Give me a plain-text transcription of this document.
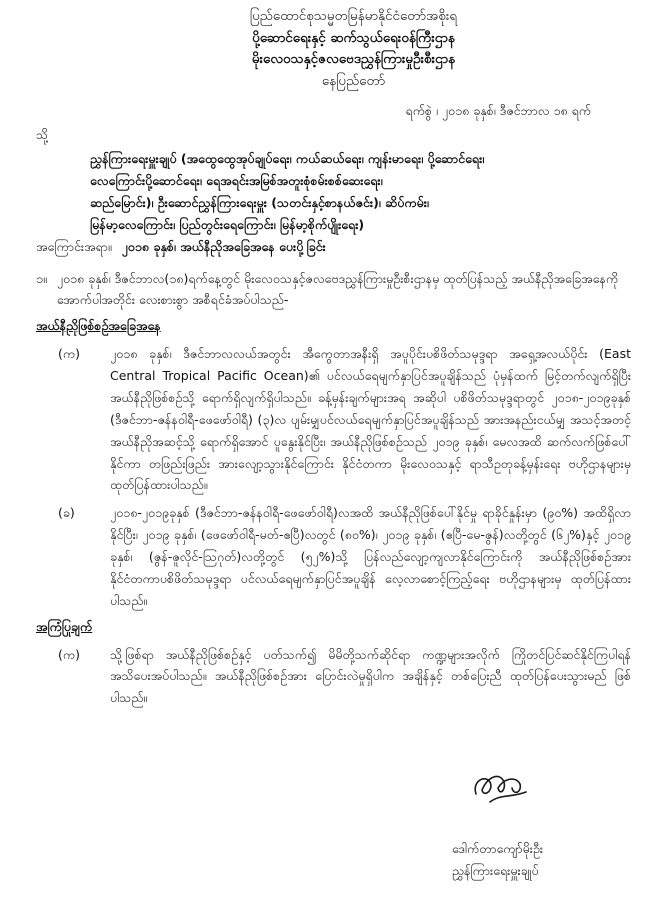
ပြည်ထောင်စုသမ္မတမြန်မာနိုင်ငံတော်အစိုးရ
ပို့ဆောင်ရေးနှင့် ဆက်သွယ်ရေးဝန်ကြီးဌာန
မိုးလေဝသနှင့်ဇလဗေဒညွှန်ကြားမှုဦးစီးဌာန
နေပြည်တော်
ရက်စွဲ ၊ ၂၀၁၈ ခုနှစ်၊ ဒီဇင်ဘာလ ၁၈ ရက်
သို့
ညွှန်ကြားရေးမှူးချုပ် (အထွေထွေအုပ်ချုပ်ရေး၊ ကယ်ဆယ်ရေး၊ ကျန်းမာရေး၊ ပို့ဆောင်ရေး၊
လေကြောင်းပို့ဆောင်ရေး၊ ရေအရင်းအမြစ်အတူးစုံစမ်းစစ်ဆေးရေး၊
ဆည်မြောင်း)၊ ဦးဆောင်ညွှန်ကြားရေးမှူး (သတင်းနှင့်စာနယ်ဇင်း)၊ ဆိပ်ကမ်း၊
မြန်မာ့လေကြောင်း၊ ပြည်တွင်းရေကြောင်း၊ မြန်မာ့စိုက်ပျိုးရေး)
အကြောင်းအရာ။ ၂၀၁၈ ခုနှစ်၊ အယ်နီညိုအခြေအနေ ပေးပို့ခြင်း
၁။ ၂၀၁၈ ခုနှစ်၊ ဒီဇင်ဘာလ(၁၈)ရက်နေ့တွင် မိုးလေဝသနှင့်ဇလဗေဒညွှန်ကြားမှုဦးစီးဌာနမှ ထုတ်ပြန်သည့် အယ်နီညိုအခြေအနေကို အောက်ပါအတိုင်း လေးစားစွာ အစီရင်ခံအပ်ပါသည်-
အယ်နီညိုဖြစ်စဉ်အခြေအနေ
(က)	၂၀၁၈ ခုနှစ်၊ ဒီဇင်ဘာလလယ်အတွင်း အီကွေတာအနီးရှိ အပူပိုင်းပစိဖိတ်သမုဒ္ဒရာ အရှေ့အလယ်ပိုင်း (East Central Tropical Pacific Ocean)၏ ပင်လယ်ရေမျက်နှာပြင်အပူချိန်သည် ပုံမှန်ထက် မြင့်တက်လျက်ရှိပြီး အယ်နီညိုဖြစ်စဉ်သို့ ရောက်ရှိလျက်ရှိပါသည်။ ခန့်မှန်းချက်များအရ အဆိုပါ ပစိဖိတ်သမုဒ္ဒရာတွင် ၂၀၁၈-၂၀၁၉ခုနှစ် (ဒီဇင်ဘာ-ဇန်နဝါရီ-ဖေဖော်ဝါရီ) (၃)လ ပျမ်းမျှပင်လယ်ရေမျက်နှာပြင်အပူချိန်သည် အားအနည်းငယ်မျှ အသင့်အတင့် အယ်နီညိုအဆင့်သို့ ရောက်ရှိအောင် ပူနွေးနိုင်ပြီး၊ အယ်နီညိုဖြစ်စဉ်သည် ၂၀၁၉ ခုနှစ်၊ မေလအထိ ဆက်လက်ဖြစ်ပေါ်နိုင်ကာ တဖြည်းဖြည်း အားလျော့သွားနိုင်ကြောင်း နိုင်ငံတကာ မိုးလေဝသနှင့် ရာသီဥတုခန့်မှန်းရေး ဗဟိုဌာနများမှ ထုတ်ပြန်ထားပါသည်။
(ခ)	၂၀၁၈-၂၀၁၉ခုနှစ် (ဒီဇင်ဘာ-ဇန်နဝါရီ-ဖေဖော်ဝါရီ)လအထိ အယ်နီညိုဖြစ်ပေါ်နိုင်မှု ရာခိုင်နှုန်းမှာ (၉၀%) အထိရှိလာနိုင်ပြီး၊ ၂၀၁၉ ခုနှစ်၊ (ဖေဖော်ဝါရီ-မတ်-ဧပြီ)လတွင် (၈၀%)၊ ၂၀၁၉ ခုနှစ်၊ (ဧပြီ-မေ-ဇွန်)လတို့တွင် (၆၂%)နှင့် ၂၀၁၉ ခုနှစ်၊ (ဇွန်-ဇူလိုင်-ဩဂုတ်)လတို့တွင် (၅၂%)သို့ ပြန်လည်လျော့ကျလာနိုင်ကြောင်းကို အယ်နီညိုဖြစ်စဉ်အား နိုင်ငံတကာပစိဖိတ်သမုဒ္ဒရာ ပင်လယ်ရေမျက်နှာပြင်အပူချိန် လေ့လာစောင့်ကြည့်ရေး ဗဟိုဌာနများမှ ထုတ်ပြန်ထားပါသည်။
အကြံပြုချက်
(က)	သို့ဖြစ်ရာ အယ်နီညိုဖြစ်စဉ်နှင့် ပတ်သက်၍ မိမိတို့သက်ဆိုင်ရာ ကဏ္ဍများအလိုက် ကြိုတင်ပြင်ဆင်နိုင်ကြပါရန် အသိပေးအပ်ပါသည်။ အယ်နီညိုဖြစ်စဉ်အား ပြောင်းလဲမှုရှိပါက အချိန်နှင့် တစ်ပြေးညီ ထုတ်ပြန်ပေးသွားမည် ဖြစ်ပါသည်။
ဒေါက်တာကျော်မိုးဦး
ညွှန်ကြားရေးမှူးချုပ်
